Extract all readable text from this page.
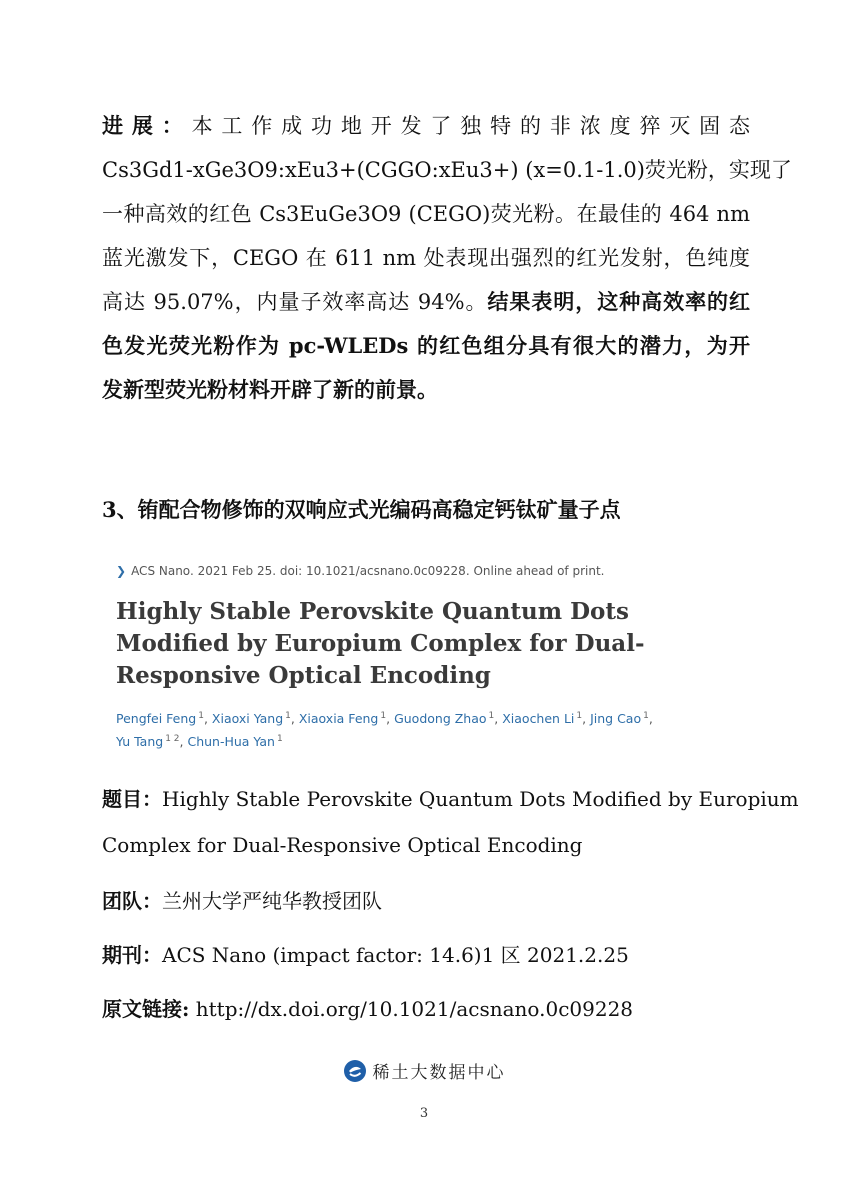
进展：本工作成功地开发了独特的非浓度猝灭固态
Cs3Gd1-xGe3O9:xEu3+(CGGO:xEu3+) (x=0.1-1.0)荧光粉，实现了
一种高效的红色 Cs3EuGe3O9 (CEGO)荧光粉。在最佳的 464 nm
蓝光激发下，CEGO 在 611 nm 处表现出强烈的红光发射，色纯度
高达 95.07%，内量子效率高达 94%。结果表明，这种高效率的红
色发光荧光粉作为 pc-WLEDs 的红色组分具有很大的潜力，为开
发新型荧光粉材料开辟了新的前景。
3、铕配合物修饰的双响应式光编码高稳定钙钛矿量子点
❯ ACS Nano. 2021 Feb 25. doi: 10.1021/acsnano.0c09228. Online ahead of print.
Highly Stable Perovskite Quantum Dots Modified by Europium Complex for Dual-Responsive Optical Encoding
Pengfei Feng $^1$, Xiaoxi Yang $^1$, Xiaoxia Feng $^1$, Guodong Zhao $^1$, Xiaochen Li $^1$, Jing Cao $^1$,
Yu Tang $^{1 2}$, Chun-Hua Yan $^1$
题目：Highly Stable Perovskite Quantum Dots Modified by Europium
Complex for Dual-Responsive Optical Encoding
团队：兰州大学严纯华教授团队
期刊：ACS Nano (impact factor: 14.6)1 区 2021.2.25
原文链接: http://dx.doi.org/10.1021/acsnano.0c09228
稀土大数据中心
3
